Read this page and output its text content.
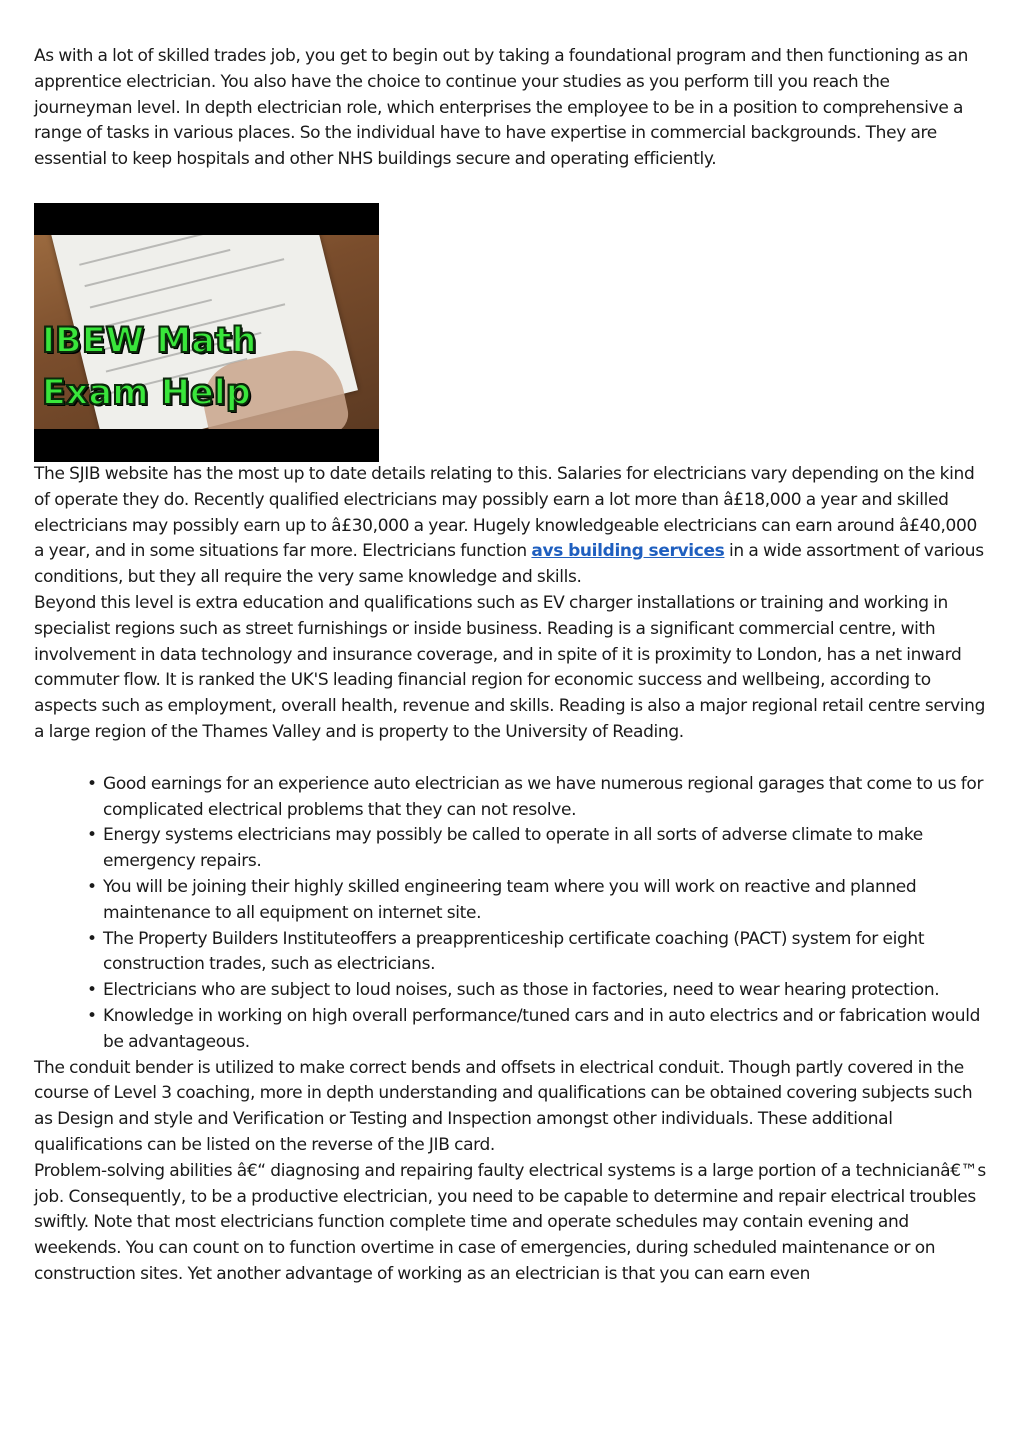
As with a lot of skilled trades job, you get to begin out by taking a foundational program and then functioning as an apprentice electrician. You also have the choice to continue your studies as you perform till you reach the journeyman level. In depth electrician role, which enterprises the employee to be in a position to comprehensive a range of tasks in various places. So the individual have to have expertise in commercial backgrounds. They are essential to keep hospitals and other NHS buildings secure and operating efficiently.

IBEW Math
Exam Help

The SJIB website has the most up to date details relating to this. Salaries for electricians vary depending on the kind of operate they do. Recently qualified electricians may possibly earn a lot more than â£18,000 a year and skilled electricians may possibly earn up to â£30,000 a year. Hugely knowledgeable electricians can earn around â£40,000 a year, and in some situations far more. Electricians function avs building services in a wide assortment of various conditions, but they all require the very same knowledge and skills.

Beyond this level is extra education and qualifications such as EV charger installations or training and working in specialist regions such as street furnishings or inside business. Reading is a significant commercial centre, with involvement in data technology and insurance coverage, and in spite of it is proximity to London, has a net inward commuter flow. It is ranked the UK'S leading financial region for economic success and wellbeing, according to aspects such as employment, overall health, revenue and skills. Reading is also a major regional retail centre serving a large region of the Thames Valley and is property to the University of Reading.

• Good earnings for an experience auto electrician as we have numerous regional garages that come to us for complicated electrical problems that they can not resolve.
• Energy systems electricians may possibly be called to operate in all sorts of adverse climate to make emergency repairs.
• You will be joining their highly skilled engineering team where you will work on reactive and planned maintenance to all equipment on internet site.
• The Property Builders Instituteoffers a preapprenticeship certificate coaching (PACT) system for eight construction trades, such as electricians.
• Electricians who are subject to loud noises, such as those in factories, need to wear hearing protection.
• Knowledge in working on high overall performance/tuned cars and in auto electrics and or fabrication would be advantageous.

The conduit bender is utilized to make correct bends and offsets in electrical conduit. Though partly covered in the course of Level 3 coaching, more in depth understanding and qualifications can be obtained covering subjects such as Design and style and Verification or Testing and Inspection amongst other individuals. These additional qualifications can be listed on the reverse of the JIB card.

Problem-solving abilities â€“ diagnosing and repairing faulty electrical systems is a large portion of a technicianâ€™s job. Consequently, to be a productive electrician, you need to be capable to determine and repair electrical troubles swiftly. Note that most electricians function complete time and operate schedules may contain evening and weekends. You can count on to function overtime in case of emergencies, during scheduled maintenance or on construction sites. Yet another advantage of working as an electrician is that you can earn even
